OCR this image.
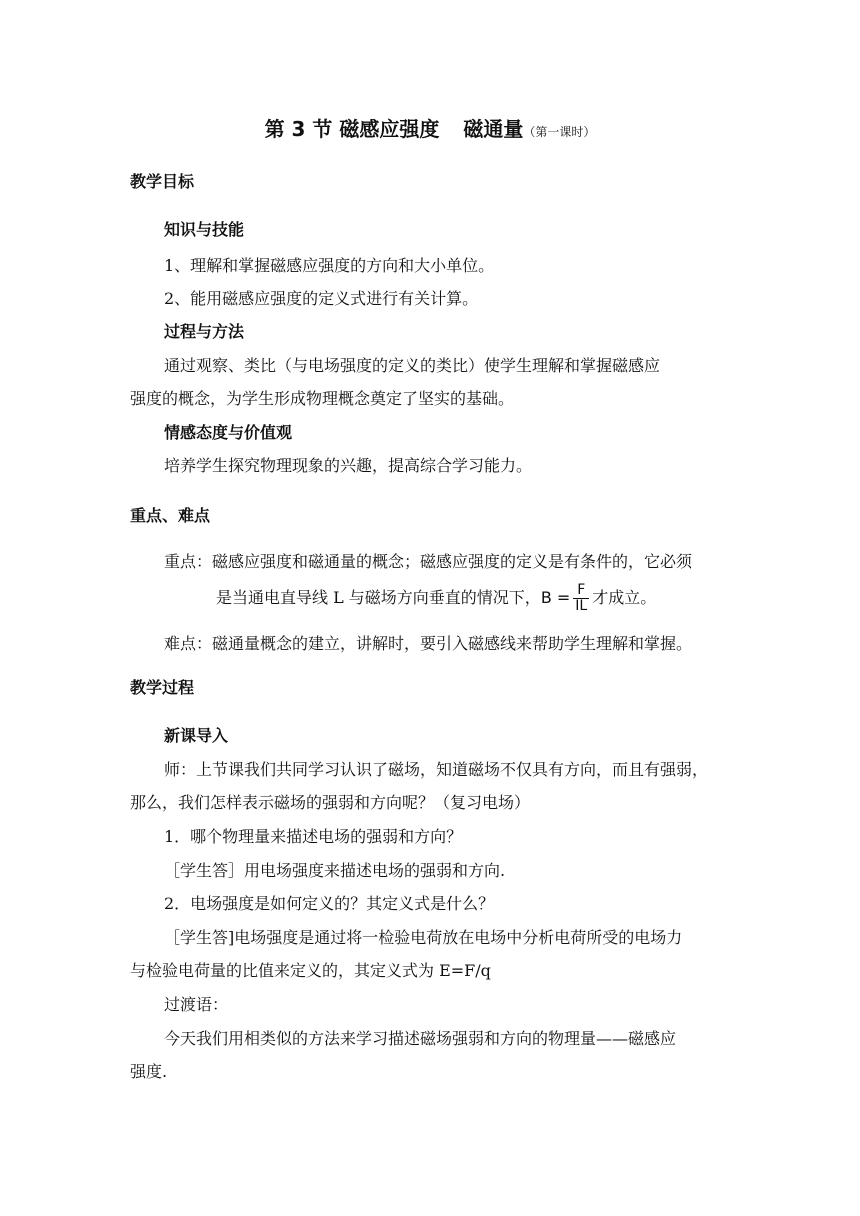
第 3 节 磁感应强度 磁通量（第一课时）
教学目标
知识与技能
1、理解和掌握磁感应强度的方向和大小单位。
2、能用磁感应强度的定义式进行有关计算。
过程与方法
通过观察、类比（与电场强度的定义的类比）使学生理解和掌握磁感应
强度的概念，为学生形成物理概念奠定了坚实的基础。
情感态度与价值观
培养学生探究物理现象的兴趣，提高综合学习能力。
重点、难点
重点：磁感应强度和磁通量的概念；磁感应强度的定义是有条件的，它必须
是当通电直导线 L 与磁场方向垂直的情况下，$B = \frac{F}{IL}$ 才成立。
难点：磁通量概念的建立，讲解时，要引入磁感线来帮助学生理解和掌握。
教学过程
新课导入
师：上节课我们共同学习认识了磁场，知道磁场不仅具有方向，而且有强弱，
那么，我们怎样表示磁场的强弱和方向呢？（复习电场）
1．哪个物理量来描述电场的强弱和方向？
［学生答］用电场强度来描述电场的强弱和方向.
2．电场强度是如何定义的？其定义式是什么？
［学生答]电场强度是通过将一检验电荷放在电场中分析电荷所受的电场力
与检验电荷量的比值来定义的，其定义式为 E=F/q
过渡语：
今天我们用相类似的方法来学习描述磁场强弱和方向的物理量——磁感应
强度.
